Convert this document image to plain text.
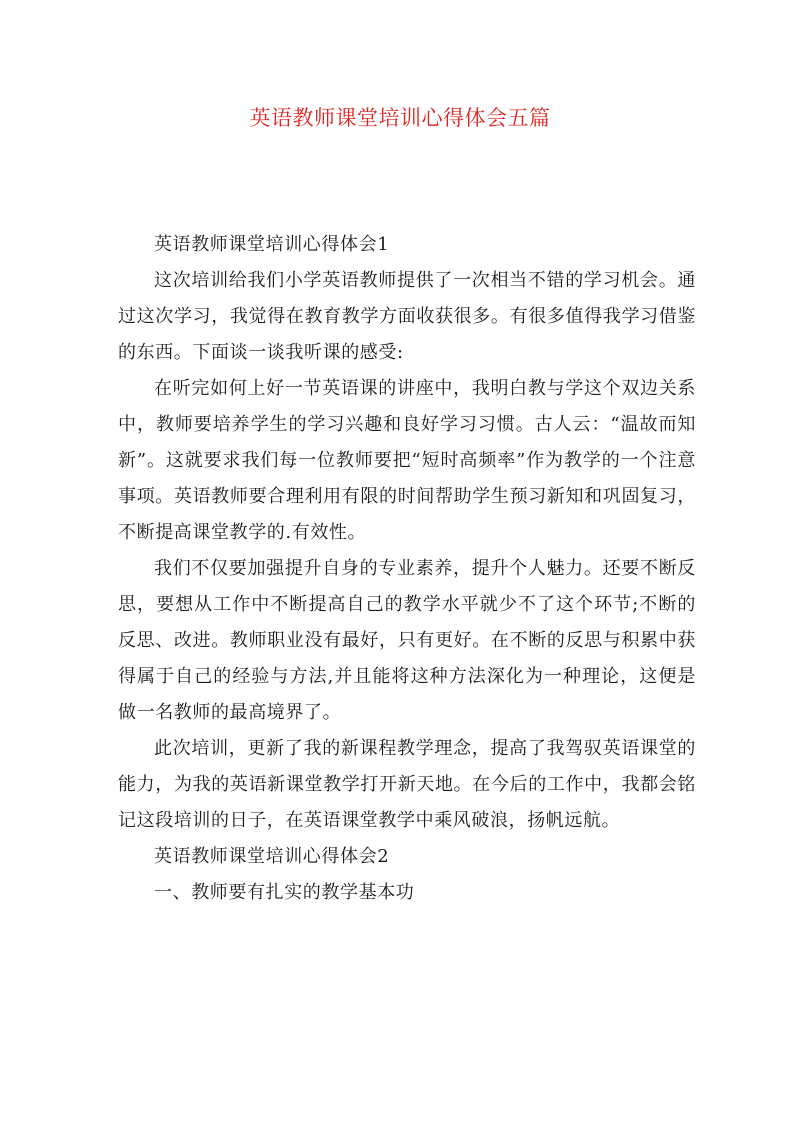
英语教师课堂培训心得体会五篇

英语教师课堂培训心得体会1

这次培训给我们小学英语教师提供了一次相当不错的学习机会。通过这次学习，我觉得在教育教学方面收获很多。有很多值得我学习借鉴的东西。下面谈一谈我听课的感受:

在听完如何上好一节英语课的讲座中，我明白教与学这个双边关系中，教师要培养学生的学习兴趣和良好学习习惯。古人云：“温故而知新”。这就要求我们每一位教师要把“短时高频率”作为教学的一个注意事项。英语教师要合理利用有限的时间帮助学生预习新知和巩固复习，不断提高课堂教学的.有效性。

我们不仅要加强提升自身的专业素养，提升个人魅力。还要不断反思，要想从工作中不断提高自己的教学水平就少不了这个环节;不断的反思、改进。教师职业没有最好，只有更好。在不断的反思与积累中获得属于自己的经验与方法,并且能将这种方法深化为一种理论，这便是做一名教师的最高境界了。

此次培训，更新了我的新课程教学理念，提高了我驾驭英语课堂的能力，为我的英语新课堂教学打开新天地。在今后的工作中，我都会铭记这段培训的日子，在英语课堂教学中乘风破浪，扬帆远航。

英语教师课堂培训心得体会2

一、教师要有扎实的教学基本功
